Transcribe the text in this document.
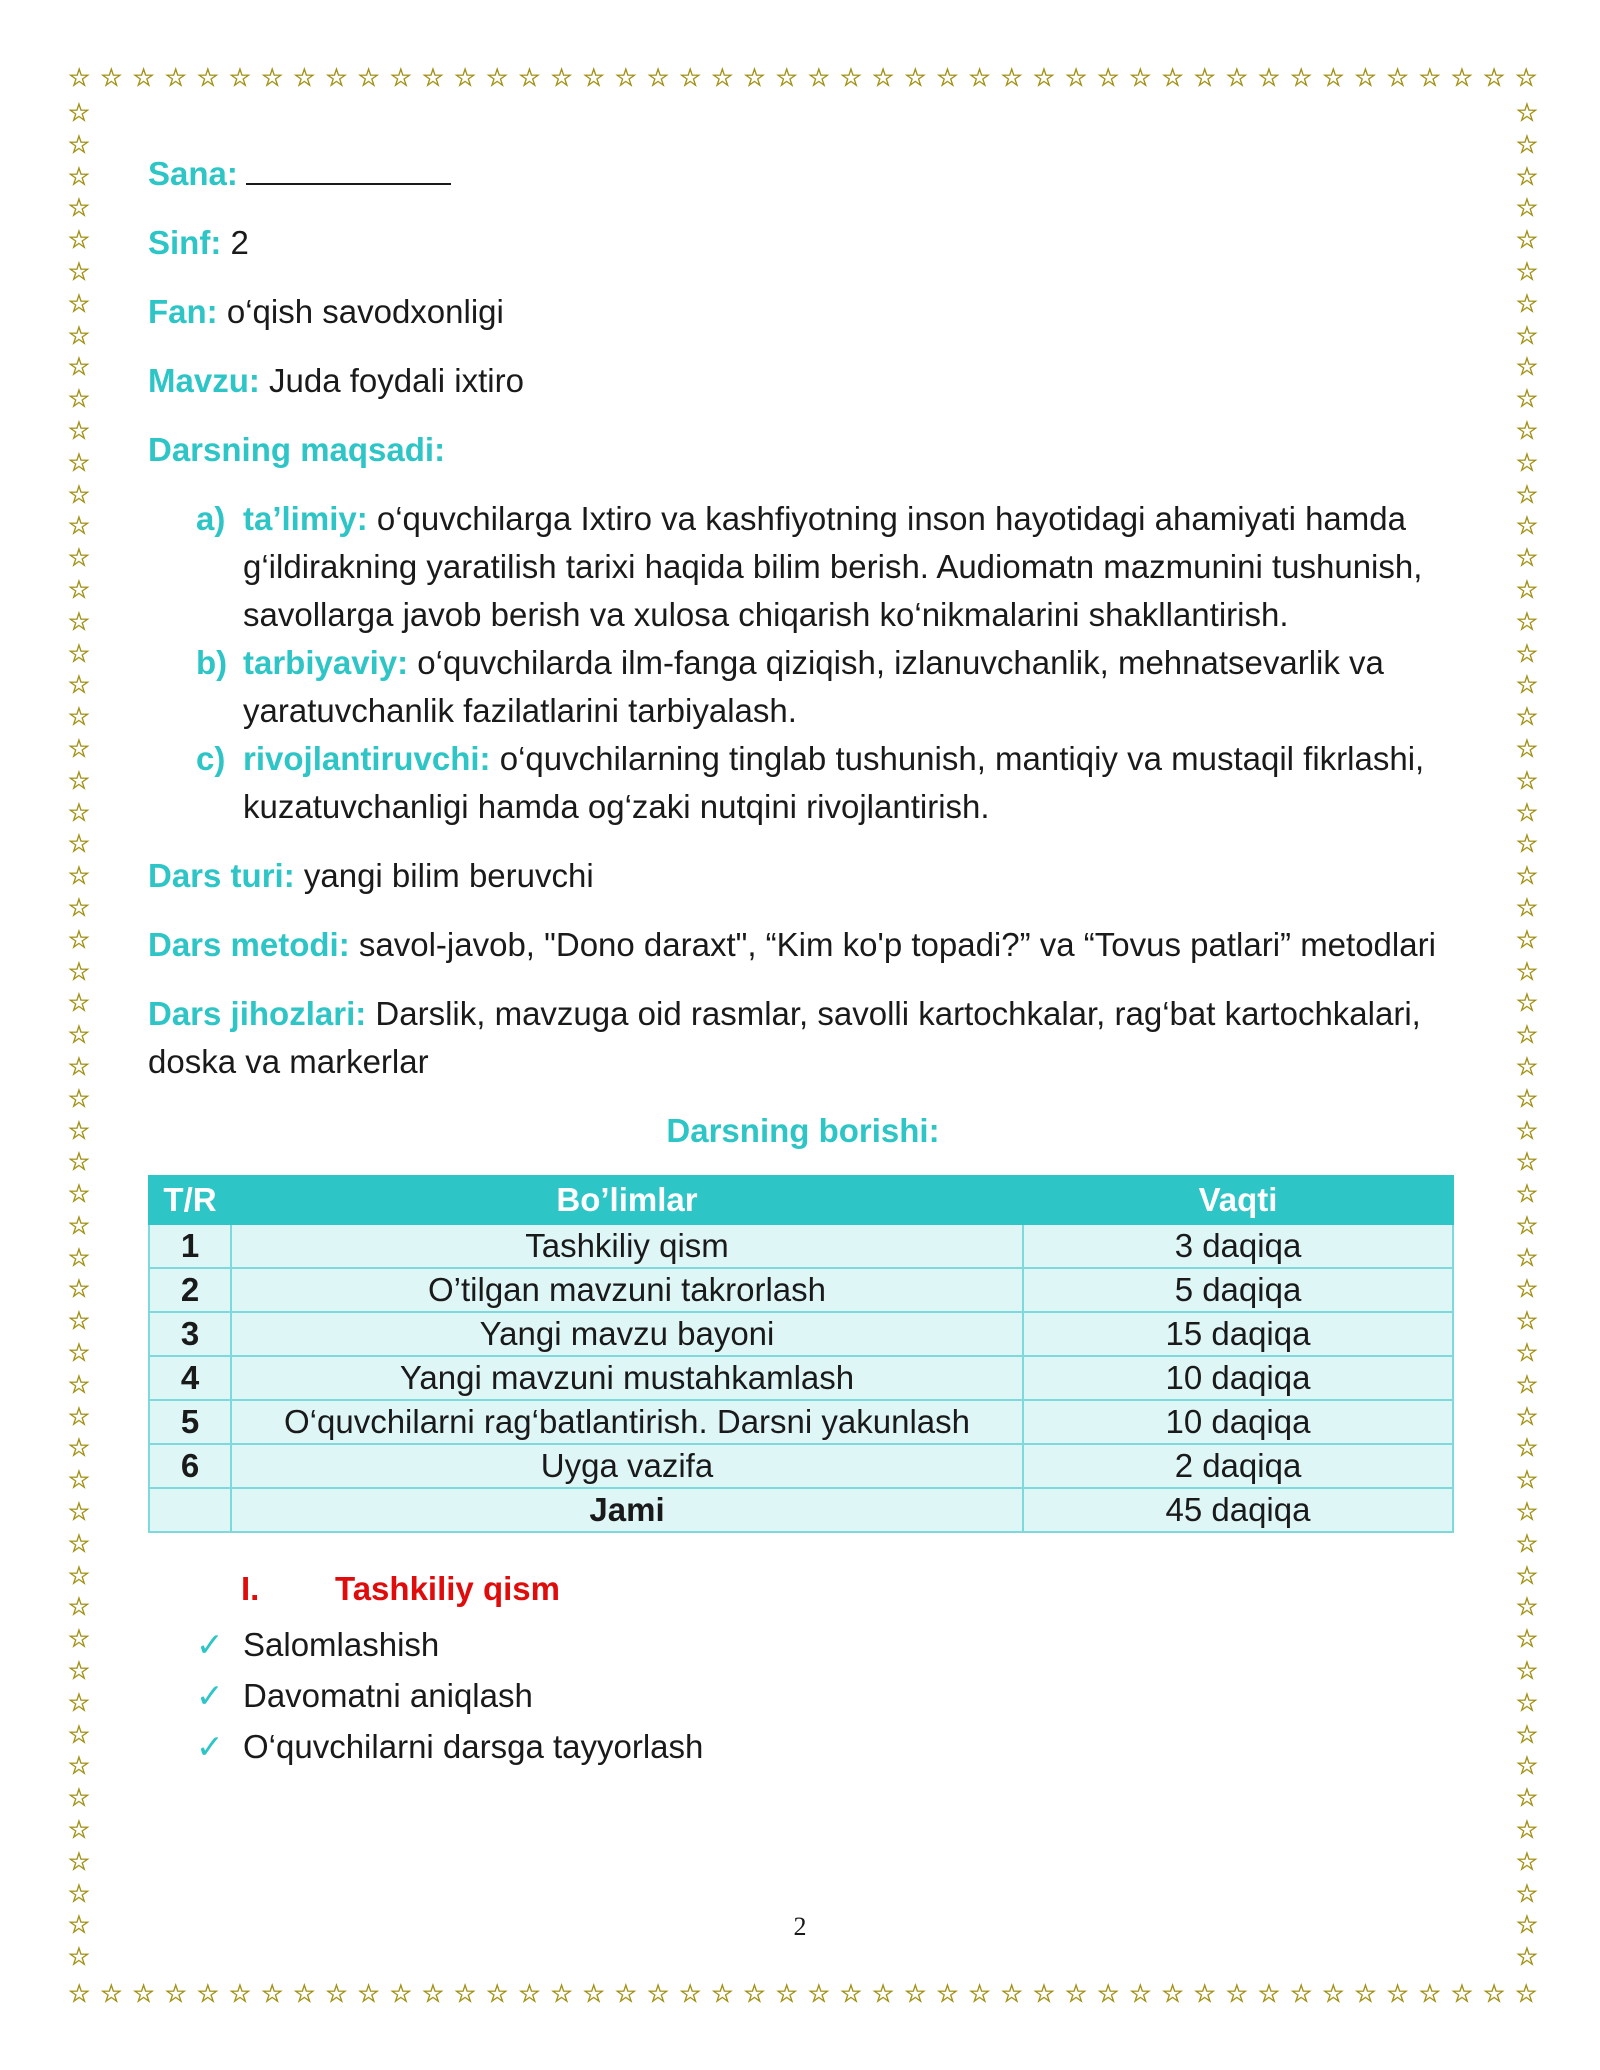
☆ ☆ ☆ ☆ ☆ ☆ ☆ ☆ ☆ ☆ ☆ ☆ ☆ ☆ ☆ ☆ ☆ ☆ ☆ ☆ ☆ ☆ ☆ ☆ ☆ ☆ ☆ ☆ ☆ ☆ ☆ ☆ ☆ ☆ ☆ ☆ ☆ ☆ ☆ ☆ ☆ ☆ ☆ ☆ ☆ ☆
☆ ☆ ☆ ☆ ☆ ☆ ☆ ☆ ☆ ☆ ☆ ☆ ☆ ☆ ☆ ☆ ☆ ☆ ☆ ☆ ☆ ☆ ☆ ☆ ☆ ☆ ☆ ☆ ☆ ☆ ☆ ☆ ☆ ☆ ☆ ☆ ☆ ☆ ☆ ☆ ☆ ☆ ☆ ☆ ☆ ☆
☆
☆
☆
☆
☆
☆
☆
☆
☆
☆
☆
☆
☆
☆
☆
☆
☆
☆
☆
☆
☆
☆
☆
☆
☆
☆
☆
☆
☆
☆
☆
☆
☆
☆
☆
☆
☆
☆
☆
☆
☆
☆
☆
☆
☆
☆
☆
☆
☆
☆
☆
☆
☆
☆
☆
☆
☆
☆
☆
☆
☆
☆
☆
☆
☆
☆
☆
☆
☆
☆
☆
☆
☆
☆
☆
☆
☆
☆
☆
☆
☆
☆
☆
☆
☆
☆
☆
☆
☆
☆
☆
☆
☆
☆
☆
☆
☆
☆
☆
☆
☆
☆
☆
☆
☆
☆
☆
☆
☆
☆
☆
☆
☆
☆
☆
☆
☆
☆
Sana:
Sinf: 2
Fan: o‘qish savodxonligi
Mavzu: Juda foydali ixtiro
Darsning maqsadi:
a) ta’limiy: o‘quvchilarga Ixtiro va kashfiyotning inson hayotidagi ahamiyati hamda g‘ildirakning yaratilish tarixi haqida bilim berish. Audiomatn mazmunini tushunish, savollarga javob berish va xulosa chiqarish ko‘nikmalarini shakllantirish.
b) tarbiyaviy: o‘quvchilarda ilm-fanga qiziqish, izlanuvchanlik, mehnatsevarlik va yaratuvchanlik fazilatlarini tarbiyalash.
c) rivojlantiruvchi: o‘quvchilarning tinglab tushunish, mantiqiy va mustaqil fikrlashi, kuzatuvchanligi hamda og‘zaki nutqini rivojlantirish.
Dars turi: yangi bilim beruvchi
Dars metodi: savol-javob, "Dono daraxt", “Kim ko'p topadi?” va “Tovus patlari” metodlari
Dars jihozlari: Darslik, mavzuga oid rasmlar, savolli kartochkalar, rag‘bat kartochkalari, doska va markerlar
Darsning borishi:
T/R	Bo’limlar	Vaqti
1	Tashkiliy qism	3 daqiqa
2	O’tilgan mavzuni takrorlash	5 daqiqa
3	Yangi mavzu bayoni	15 daqiqa
4	Yangi mavzuni mustahkamlash	10 daqiqa
5	O‘quvchilarni rag‘batlantirish. Darsni yakunlash	10 daqiqa
6	Uyga vazifa	2 daqiqa
	Jami	45 daqiqa
I. Tashkiliy qism
✓ Salomlashish
✓ Davomatni aniqlash
✓ O‘quvchilarni darsga tayyorlash
2
